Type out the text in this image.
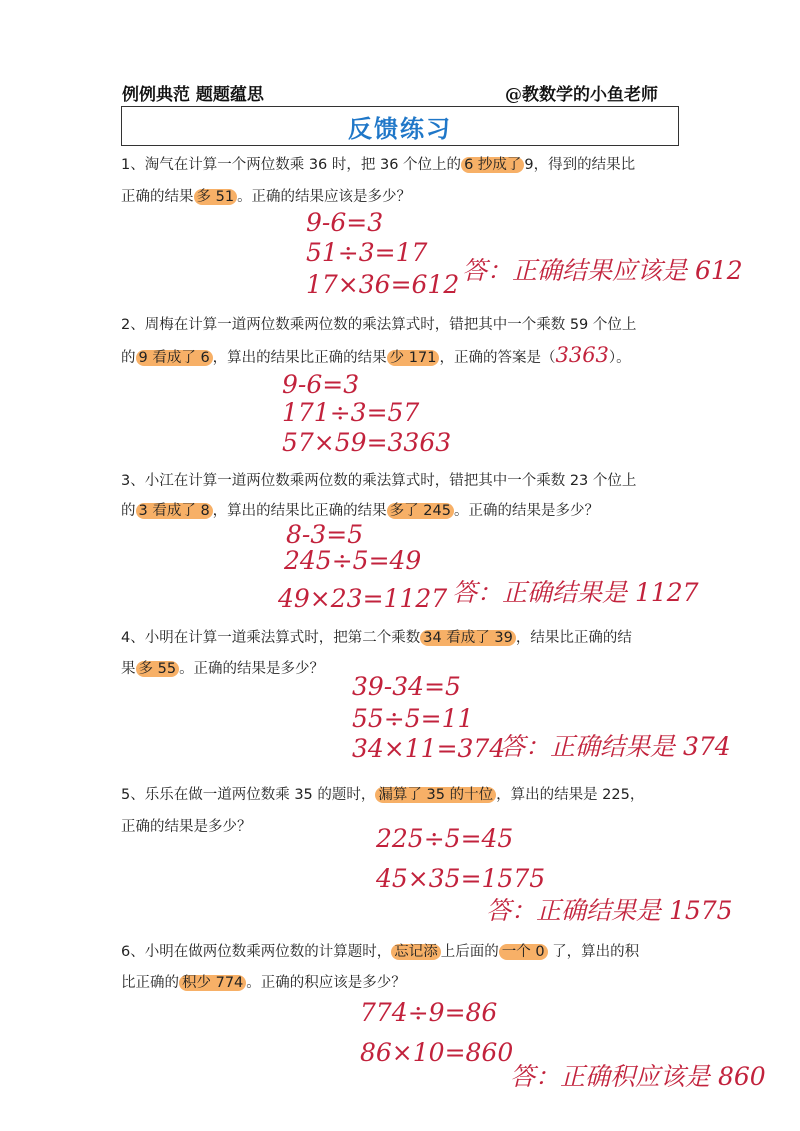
例例典范 题题蕴思	@教数学的小鱼老师
反馈练习
1、淘气在计算一个两位数乘 36 时，把 36 个位上的 6 抄成了 9，得到的结果比
正确的结果 多 51 。正确的结果应该是多少？
9-6=3
51÷3=17
17×36=612 答：正确结果应该是 612
2、周梅在计算一道两位数乘两位数的乘法算式时，错把其中一个乘数 59 个位上
的 9 看成了 6 ，算出的结果比正确的结果 少 171 ，正确的答案是（3363）。
9-6=3
171÷3=57
57×59=3363
3、小江在计算一道两位数乘两位数的乘法算式时，错把其中一个乘数 23 个位上
的 3 看成了 8 ，算出的结果比正确的结果 多了 245 。正确的结果是多少？
8-3=5
245÷5=49
49×23=1127 答：正确结果是 1127
4、小明在计算一道乘法算式时，把第二个乘数 34 看成了 39 ，结果比正确的结
果 多 55 。正确的结果是多少？
39-34=5
55÷5=11
34×11=374
答：正确结果是 374
5、乐乐在做一道两位数乘 35 的题时， 漏算了 35 的十位 ，算出的结果是 225，
正确的结果是多少？	225÷5=45
45×35=1575
答：正确结果是 1575
6、小明在做两位数乘两位数的计算题时， 忘记添 上后面的 一个 0 了，算出的积
比正确的 积少 774 。正确的积应该是多少？
774÷9=86
86×10=860
答：正确积应该是 860
